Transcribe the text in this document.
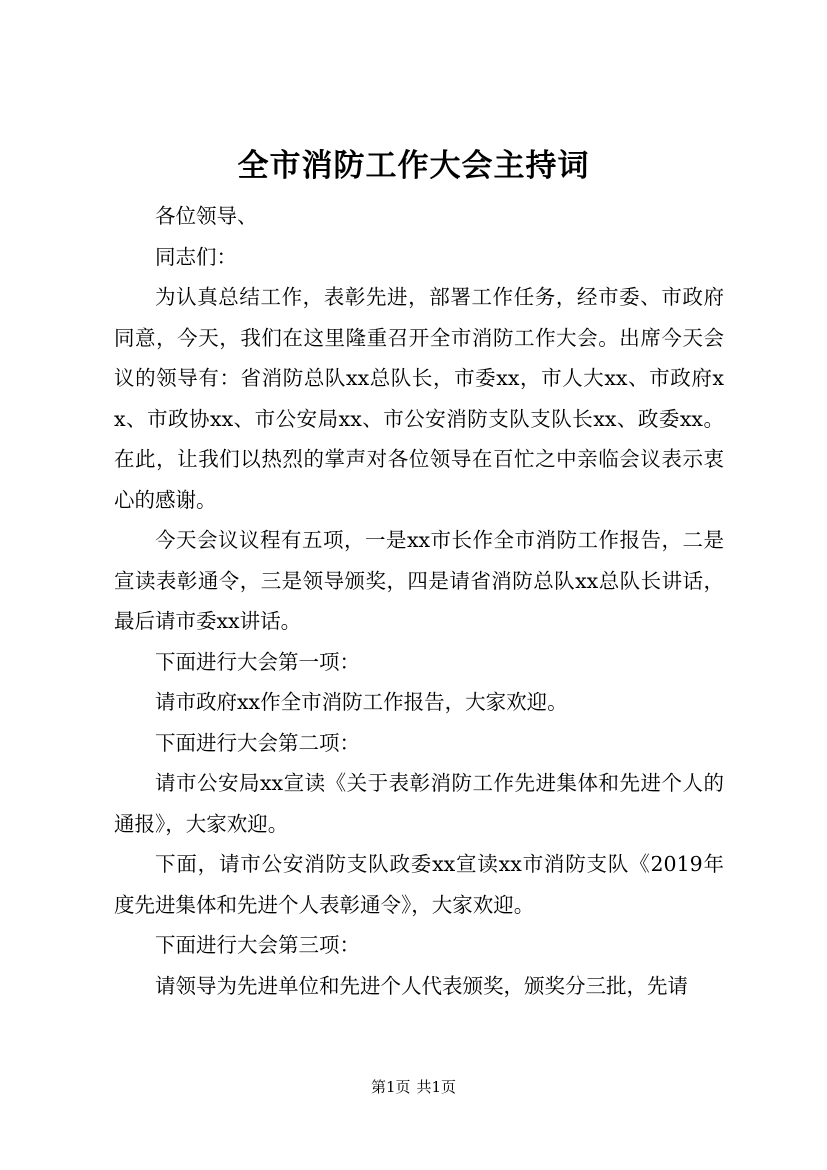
全市消防工作大会主持词

各位领导、

同志们：

为认真总结工作，表彰先进，部署工作任务，经市委、市政府同意，今天，我们在这里隆重召开全市消防工作大会。出席今天会议的领导有：省消防总队xx总队长，市委xx，市人大xx、市政府xx、市政协xx、市公安局xx、市公安消防支队支队长xx、政委xx。在此，让我们以热烈的掌声对各位领导在百忙之中亲临会议表示衷心的感谢。

今天会议议程有五项，一是xx市长作全市消防工作报告，二是宣读表彰通令，三是领导颁奖，四是请省消防总队xx总队长讲话，最后请市委xx讲话。

下面进行大会第一项：

请市政府xx作全市消防工作报告，大家欢迎。

下面进行大会第二项：

请市公安局xx宣读《关于表彰消防工作先进集体和先进个人的通报》，大家欢迎。

下面，请市公安消防支队政委xx宣读xx市消防支队《2019年度先进集体和先进个人表彰通令》，大家欢迎。

下面进行大会第三项：

请领导为先进单位和先进个人代表颁奖，颁奖分三批，先请

第1页 共1页
